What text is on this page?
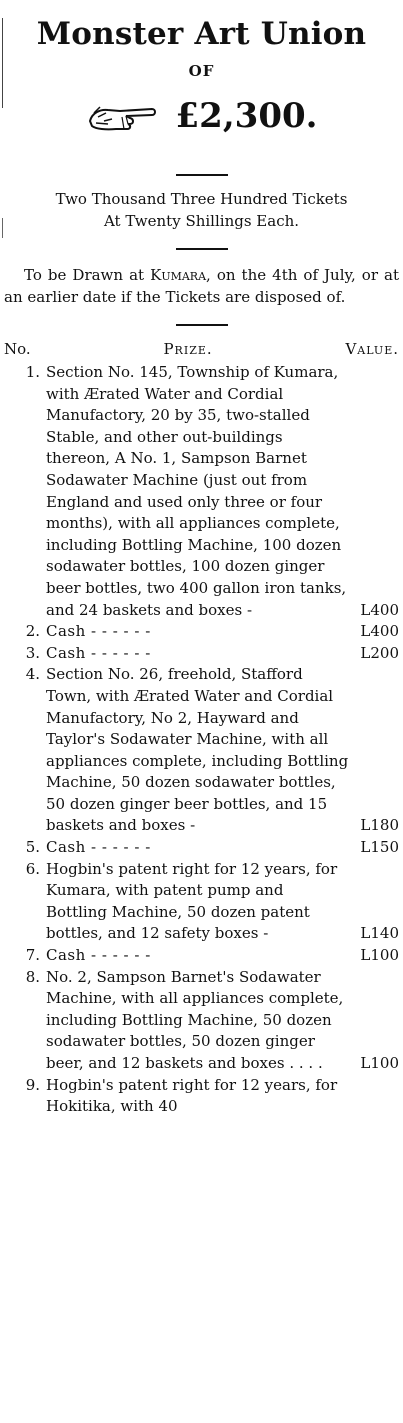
Monster Art Union
OF
£2,300.
Two Thousand Three Hundred Tickets
At Twenty Shillings Each.

To be Drawn at Kumara, on the 4th of July, or at an earlier date if the Tickets are disposed of.

No.	Prize.	Value.
1. Section No. 145, Township of Kumara, with Ærated Water and Cordial Manufactory, 20 by 35, two-stalled Stable, and other out-buildings thereon, A No. 1, Sampson Barnet Sodawater Machine (just out from England and used only three or four months), with all appliances complete, including Bottling Machine, 100 dozen sodawater bottles, 100 dozen ginger beer bottles, two 400 gallon iron tanks, and 24 baskets and boxes -	L400
2. Cash - - - - - -	L400
3. Cash - - - - - -	L200
4. Section No. 26, freehold, Stafford Town, with Ærated Water and Cordial Manufactory, No 2, Hayward and Taylor's Sodawater Machine, with all appliances complete, including Bottling Machine, 50 dozen sodawater bottles, 50 dozen ginger beer bottles, and 15 baskets and boxes -	L180
5. Cash - - - - - -	L150
6. Hogbin's patent right for 12 years, for Kumara, with patent pump and Bottling Machine, 50 dozen patent bottles, and 12 safety boxes -	L140
7. Cash - - - - - -	L100
8. No. 2, Sampson Barnet's Sodawater Machine, with all appliances complete, including Bottling Machine, 50 dozen sodawater bottles, 50 dozen ginger beer, and 12 baskets and boxes . . . .	L100
9. Hogbin's patent right for 12 years, for Hokitika, with 40
